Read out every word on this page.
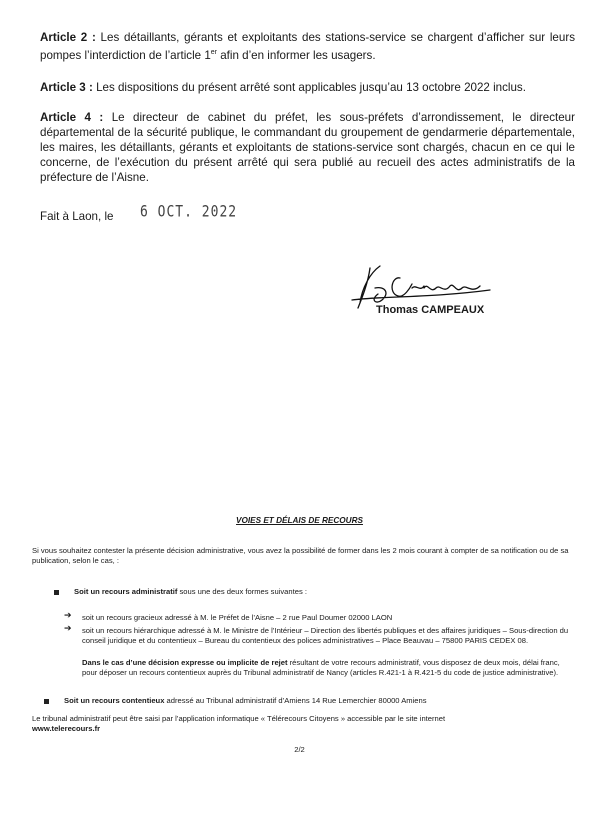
Article 2 : Les détaillants, gérants et exploitants des stations-service se chargent d’afficher sur leurs pompes l’interdiction de l’article 1er afin d’en informer les usagers.

Article 3 : Les dispositions du présent arrêté sont applicables jusqu’au 13 octobre 2022 inclus.

Article 4 : Le directeur de cabinet du préfet, les sous-préfets d’arrondissement, le directeur départemental de la sécurité publique, le commandant du groupement de gendarmerie départementale, les maires, les détaillants, gérants et exploitants de stations-service sont chargés, chacun en ce qui le concerne, de l’exécution du présent arrêté qui sera publié au recueil des actes administratifs de la préfecture de l’Aisne.

Fait à Laon, le 6 OCT. 2022
Thomas CAMPEAUX
VOIES ET DÉLAIS DE RECOURS
Si vous souhaitez contester la présente décision administrative, vous avez la possibilité de former dans les 2 mois courant à compter de sa notification ou de sa publication, selon le cas, :
Soit un recours administratif sous une des deux formes suivantes :
➔ soit un recours gracieux adressé à M. le Préfet de l’Aisne – 2 rue Paul Doumer 02000 LAON
➔ soit un recours hiérarchique adressé à M. le Ministre de l’Intérieur – Direction des libertés publiques et des affaires juridiques – Sous-direction du conseil juridique et du contentieux – Bureau du contentieux des polices administratives – Place Beauvau – 75800 PARIS CEDEX 08.
Dans le cas d’une décision expresse ou implicite de rejet résultant de votre recours administratif, vous disposez de deux mois, délai franc, pour déposer un recours contentieux auprès du Tribunal administratif de Nancy (articles R.421-1 à R.421-5 du code de justice administrative).
Soit un recours contentieux adressé au Tribunal administratif d’Amiens 14 Rue Lemerchier 80000 Amiens
Le tribunal administratif peut être saisi par l’application informatique « Télérecours Citoyens » accessible par le site internet
www.telerecours.fr
2/2
